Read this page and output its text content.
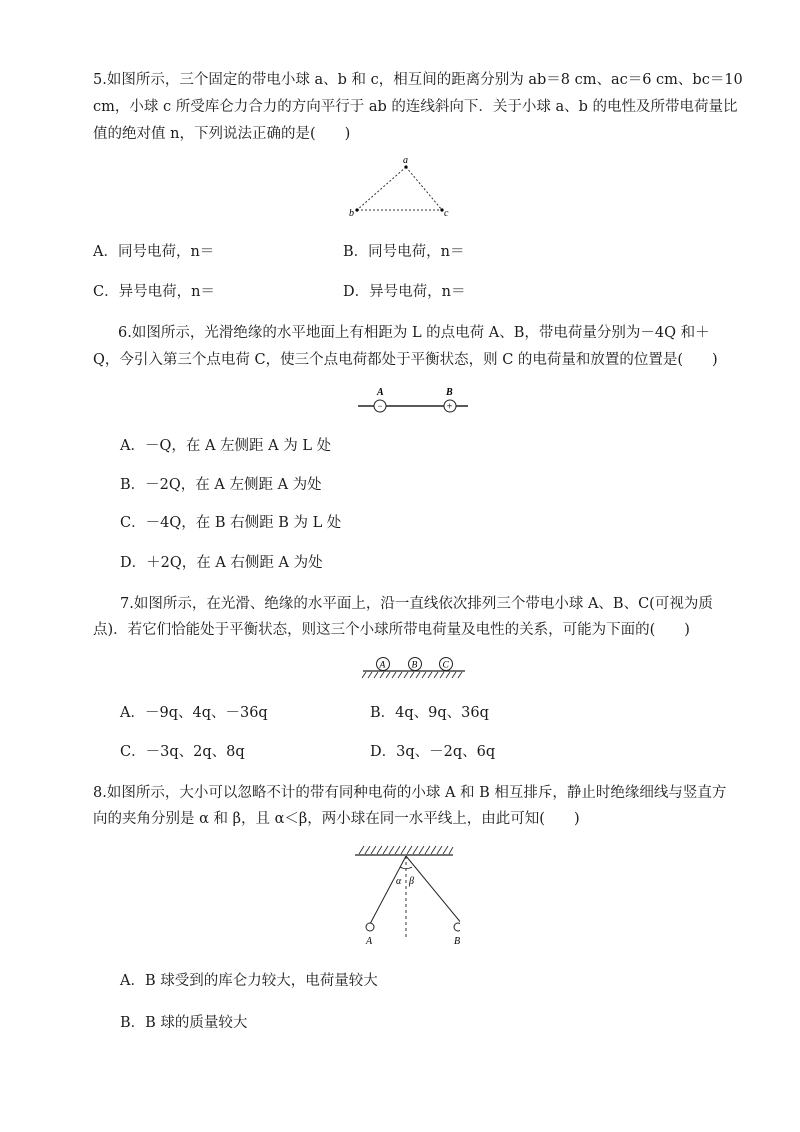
5.如图所示，三个固定的带电小球 a、b 和 c，相互间的距离分别为 ab＝8 cm、ac＝6 cm、bc＝10
cm，小球 c 所受库仑力合力的方向平行于 ab 的连线斜向下．关于小球 a、b 的电性及所带电荷量比
值的绝对值 n，下列说法正确的是(　　)
a
b	c
A．同号电荷，n＝	B．同号电荷，n＝
C．异号电荷，n＝	D．异号电荷，n＝
6.如图所示，光滑绝缘的水平地面上有相距为 L 的点电荷 A、B，带电荷量分别为－4Q 和＋
Q，今引入第三个点电荷 C，使三个点电荷都处于平衡状态，则 C 的电荷量和放置的位置是(　　)
−	+
A	B
A．－Q，在 A 左侧距 A 为 L 处
B．－2Q，在 A 左侧距 A 为处
C．－4Q，在 B 右侧距 B 为 L 处
D．＋2Q，在 A 右侧距 A 为处
7.如图所示，在光滑、绝缘的水平面上，沿一直线依次排列三个带电小球 A、B、C(可视为质
点)．若它们恰能处于平衡状态，则这三个小球所带电荷量及电性的关系，可能为下面的(　　)
A	B	C
A．－9q、4q、－36q	B．4q、9q、36q
C．－3q、2q、8q	D．3q、－2q、6q
8.如图所示，大小可以忽略不计的带有同种电荷的小球 A 和 B 相互排斥，静止时绝缘细线与竖直方
向的夹角分别是 α 和 β，且 α＜β，两小球在同一水平线上，由此可知(　　)
α β
A	B
A．B 球受到的库仑力较大，电荷量较大
B．B 球的质量较大
